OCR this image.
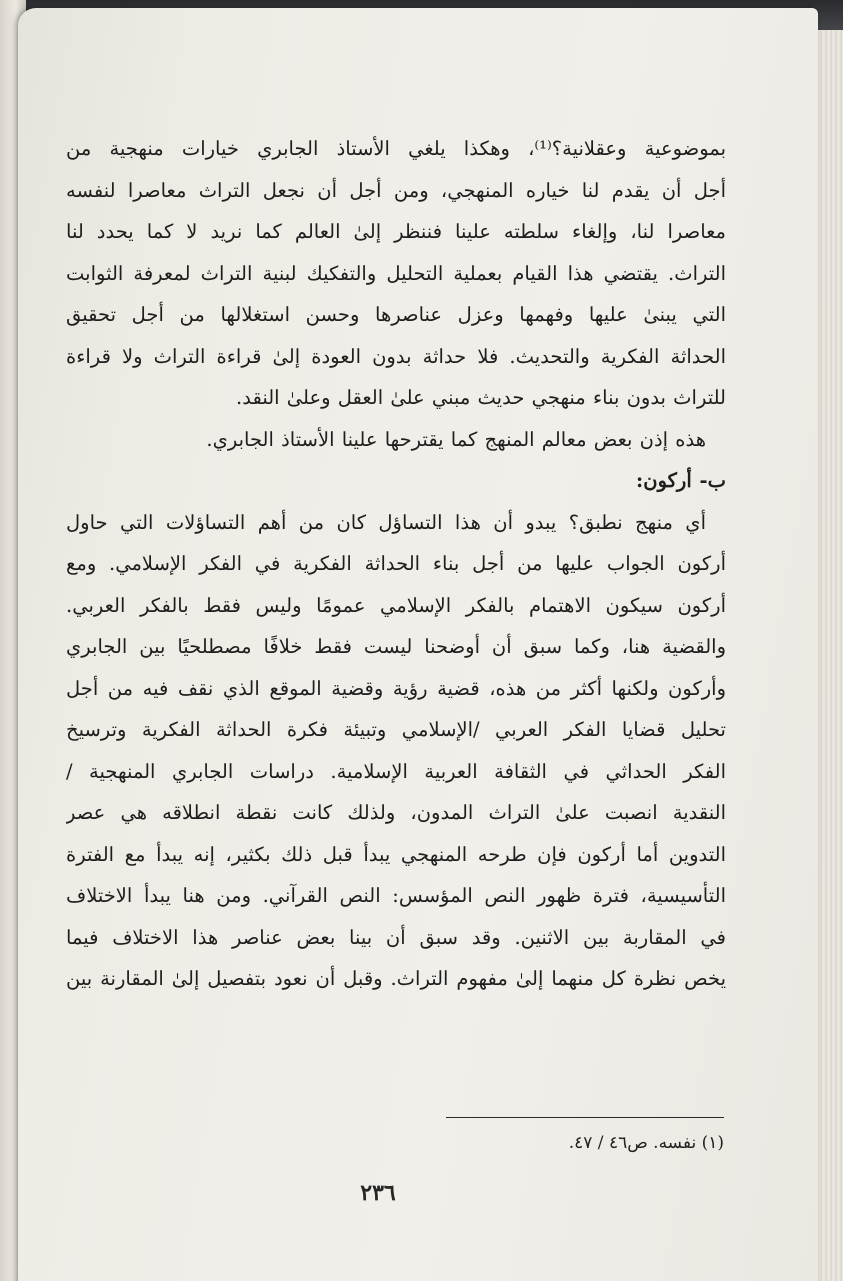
بموضوعية وعقلانية؟⁽¹⁾، وهكذا يلغي الأستاذ الجابري خيارات منهجية من
أجل أن يقدم لنا خياره المنهجي، ومن أجل أن نجعل التراث معاصرا لنفسه
معاصرا لنا، وإلغاء سلطته علينا فننظر إلىٰ العالم كما نريد لا كما يحدد لنا
التراث. يقتضي هذا القيام بعملية التحليل والتفكيك لبنية التراث لمعرفة الثوابت
التي يبنىٰ عليها وفهمها وعزل عناصرها وحسن استغلالها من أجل تحقيق
الحداثة الفكرية والتحديث. فلا حداثة بدون العودة إلىٰ قراءة التراث ولا قراءة
للتراث بدون بناء منهجي حديث مبني علىٰ العقل وعلىٰ النقد.
هذه إذن بعض معالم المنهج كما يقترحها علينا الأستاذ الجابري.
ب- أركون:
أي منهج نطبق؟ يبدو أن هذا التساؤل كان من أهم التساؤلات التي حاول
أركون الجواب عليها من أجل بناء الحداثة الفكرية في الفكر الإسلامي. ومع
أركون سيكون الاهتمام بالفكر الإسلامي عمومًا وليس فقط بالفكر العربي.
والقضية هنا، وكما سبق أن أوضحنا ليست فقط خلافًا مصطلحيًا بين الجابري
وأركون ولكنها أكثر من هذه، قضية رؤية وقضية الموقع الذي نقف فيه من أجل
تحليل قضايا الفكر العربي /الإسلامي وتبيئة فكرة الحداثة الفكرية وترسيخ
الفكر الحداثي في الثقافة العربية الإسلامية. دراسات الجابري المنهجية /
النقدية انصبت علىٰ التراث المدون، ولذلك كانت نقطة انطلاقه هي عصر
التدوين أما أركون فإن طرحه المنهجي يبدأ قبل ذلك بكثير، إنه يبدأ مع الفترة
التأسيسية، فترة ظهور النص المؤسس: النص القرآني. ومن هنا يبدأ الاختلاف
في المقاربة بين الاثنين. وقد سبق أن بينا بعض عناصر هذا الاختلاف فيما
يخص نظرة كل منهما إلىٰ مفهوم التراث. وقبل أن نعود بتفصيل إلىٰ المقارنة بين
(١) نفسه. ص٤٦ / ٤٧.
٢٣٦
